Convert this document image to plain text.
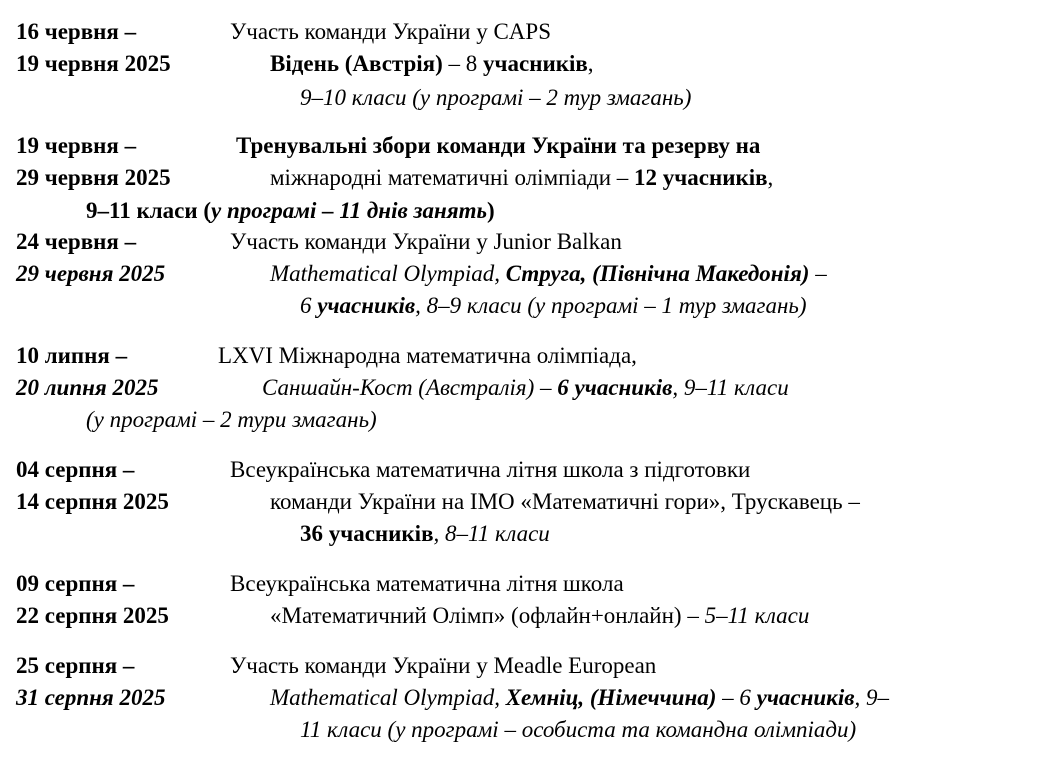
16 червня –	Участь команди України у CAPS
19 червня 2025	Відень (Австрія) – 8 учасників,
9–10 класи (у програмі – 2 тур змагань)
19 червня –	Тренувальні збори команди України та резерву на
29 червня 2025	міжнародні математичні олімпіади – 12 учасників,
9–11 класи (у програмі – 11 днів занять)
24 червня –	Участь команди України у Junior Balkan
29 червня 2025	Mathematical Olympiad, Струга, (Північна Македонія) –
6 учасників, 8–9 класи (у програмі – 1 тур змагань)
10 липня –	LXVI Міжнародна математична олімпіада,
20 липня 2025	Саншайн-Кост (Австралія) – 6 учасників, 9–11 класи
(у програмі – 2 тури змагань)
04 серпня –	Всеукраїнська математична літня школа з підготовки
14 серпня 2025	команди України на IMO «Математичні гори», Трускавець –
36 учасників, 8–11 класи
09 серпня –	Всеукраїнська математична літня школа
22 серпня 2025	«Математичний Олімп» (офлайн+онлайн) – 5–11 класи
25 серпня –	Участь команди України у Meadle European
31 серпня 2025	Mathematical Olympiad, Хемніц, (Німеччина) – 6 учасників, 9–
11 класи (у програмі – особиста та командна олімпіади)
